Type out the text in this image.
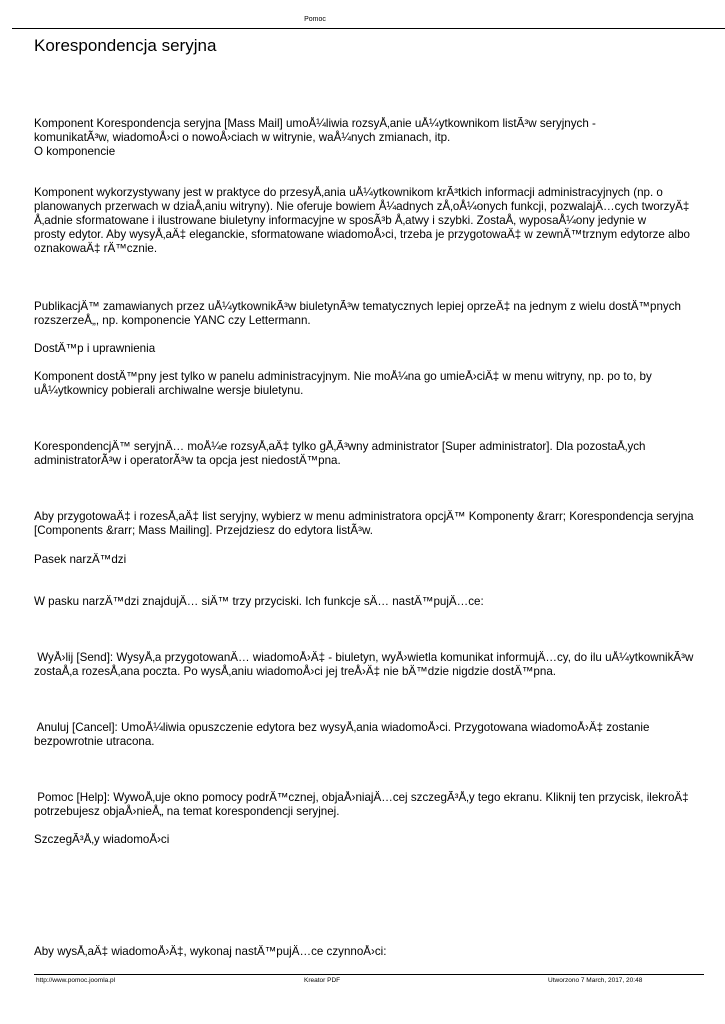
Pomoc
Korespondencja seryjna
Komponent Korespondencja seryjna [Mass Mail] umoÅ¼liwia rozsyÅ‚anie uÅ¼ytkownikom listÃ³w seryjnych -
komunikatÃ³w, wiadomoÅ›ci o nowoÅ›ciach w witrynie, waÅ¼nych zmianach, itp.
O komponencie
Komponent wykorzystywany jest w praktyce do przesyÅ‚ania uÅ¼ytkownikom krÃ³tkich informacji administracyjnych (np. o
planowanych przerwach w dziaÅ‚aniu witryny). Nie oferuje bowiem Å¼adnych zÅ‚oÅ¼onych funkcji, pozwalajÄ…cych tworzyÄ‡
Å‚adnie sformatowane i ilustrowane biuletyny informacyjne w sposÃ³b Å‚atwy i szybki. ZostaÅ‚ wyposaÅ¼ony jedynie w
prosty edytor. Aby wysyÅ‚aÄ‡ eleganckie, sformatowane wiadomoÅ›ci, trzeba je przygotowaÄ‡ w zewnÄ™trznym edytorze albo
oznakowaÄ‡ rÄ™cznie.
PublikacjÄ™ zamawianych przez uÅ¼ytkownikÃ³w biuletynÃ³w tematycznych lepiej oprzeÄ‡ na jednym z wielu dostÄ™pnych
rozszerzeÅ„, np. komponencie YANC czy Lettermann.
DostÄ™p i uprawnienia
Komponent dostÄ™pny jest tylko w panelu administracyjnym. Nie moÅ¼na go umieÅ›ciÄ‡ w menu witryny, np. po to, by
uÅ¼ytkownicy pobierali archiwalne wersje biuletynu.
KorespondencjÄ™ seryjnÄ… moÅ¼e rozsyÅ‚aÄ‡ tylko gÅ‚Ã³wny administrator [Super administrator]. Dla pozostaÅ‚ych
administratorÃ³w i operatorÃ³w ta opcja jest niedostÄ™pna.
Aby przygotowaÄ‡ i rozesÅ‚aÄ‡ list seryjny, wybierz w menu administratora opcjÄ™ Komponenty &rarr; Korespondencja seryjna
[Components &rarr; Mass Mailing]. Przejdziesz do edytora listÃ³w.
Pasek narzÄ™dzi
W pasku narzÄ™dzi znajdujÄ… siÄ™ trzy przyciski. Ich funkcje sÄ… nastÄ™pujÄ…ce:
WyÅ›lij [Send]: WysyÅ‚a przygotowanÄ… wiadomoÅ›Ä‡ - biuletyn, wyÅ›wietla komunikat informujÄ…cy, do ilu uÅ¼ytkownikÃ³w
zostaÅ‚a rozesÅ‚ana poczta. Po wysÅ‚aniu wiadomoÅ›ci jej treÅ›Ä‡ nie bÄ™dzie nigdzie dostÄ™pna.
Anuluj [Cancel]: UmoÅ¼liwia opuszczenie edytora bez wysyÅ‚ania wiadomoÅ›ci. Przygotowana wiadomoÅ›Ä‡ zostanie
bezpowrotnie utracona.
Pomoc [Help]: WywoÅ‚uje okno pomocy podrÄ™cznej, objaÅ›niajÄ…cej szczegÃ³Å‚y tego ekranu. Kliknij ten przycisk, ilekroÄ‡
potrzebujesz objaÅ›nieÅ„ na temat korespondencji seryjnej.
SzczegÃ³Å‚y wiadomoÅ›ci
Aby wysÅ‚aÄ‡ wiadomoÅ›Ä‡, wykonaj nastÄ™pujÄ…ce czynnoÅ›ci:
http://www.pomoc.joomla.pl	Kreator PDF	Utworzono 7 March, 2017, 20:48
